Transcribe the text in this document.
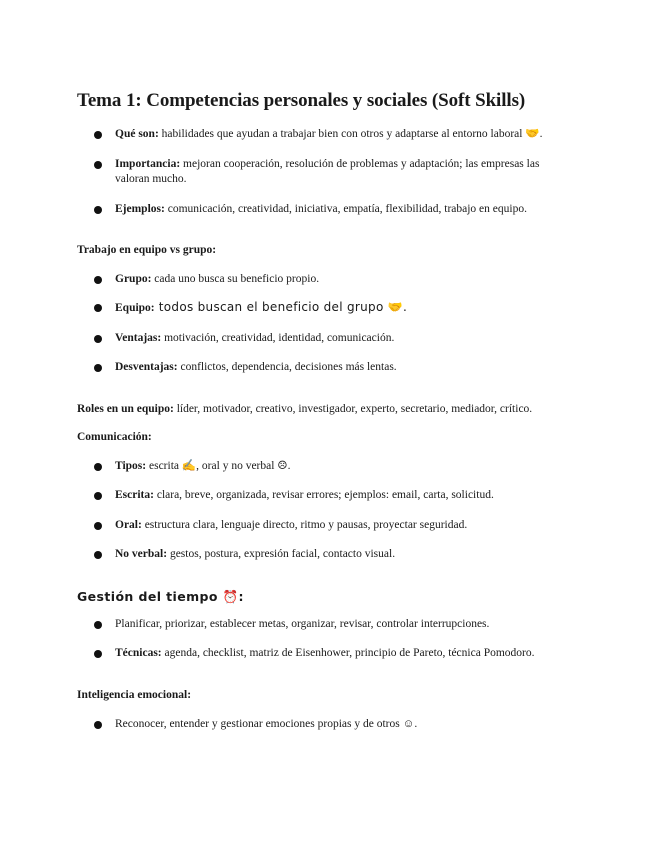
Tema 1: Competencias personales y sociales (Soft Skills)
Qué son: habilidades que ayudan a trabajar bien con otros y adaptarse al entorno laboral 🤝.
Importancia: mejoran cooperación, resolución de problemas y adaptación; las empresas las valoran mucho.
Ejemplos: comunicación, creatividad, iniciativa, empatía, flexibilidad, trabajo en equipo.

Trabajo en equipo vs grupo:

Grupo: cada uno busca su beneficio propio.
Equipo: todos buscan el beneficio del grupo 🤝.
Ventajas: motivación, creatividad, identidad, comunicación.
Desventajas: conflictos, dependencia, decisiones más lentas.

Roles en un equipo: líder, motivador, creativo, investigador, experto, secretario, mediador, crítico.

Comunicación:

Tipos: escrita ✍, oral y no verbal ☹.
Escrita: clara, breve, organizada, revisar errores; ejemplos: email, carta, solicitud.
Oral: estructura clara, lenguaje directo, ritmo y pausas, proyectar seguridad.
No verbal: gestos, postura, expresión facial, contacto visual.

Gestión del tiempo ⏰:

Planificar, priorizar, establecer metas, organizar, revisar, controlar interrupciones.
Técnicas: agenda, checklist, matriz de Eisenhower, principio de Pareto, técnica Pomodoro.

Inteligencia emocional:

Reconocer, entender y gestionar emociones propias y de otros ☺.
